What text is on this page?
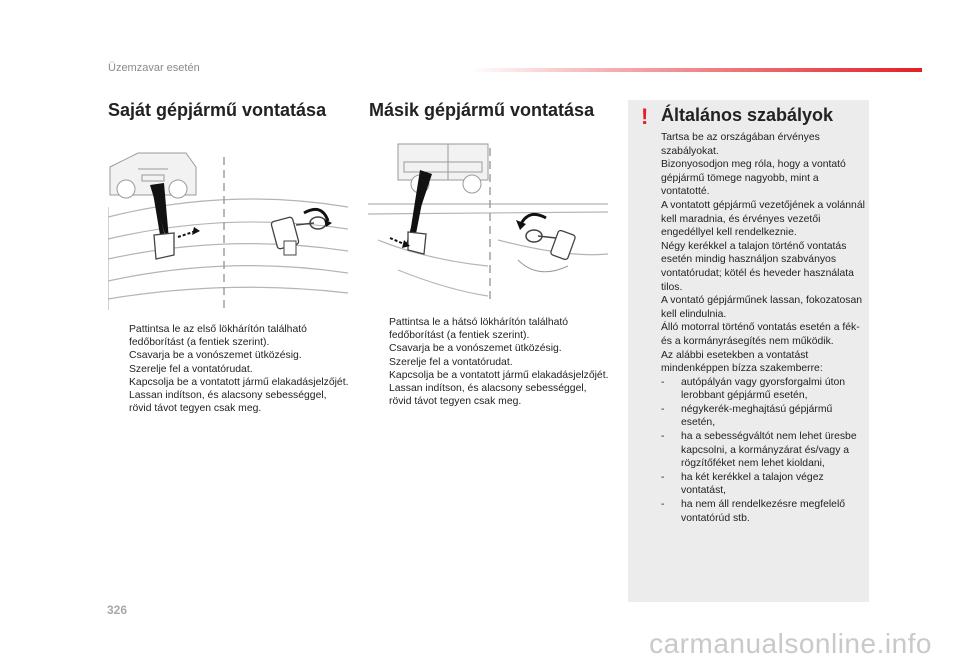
Üzemzavar esetén
Saját gépjármű vontatása
Pattintsa le az első lökhárítón található fedőborítást (a fentiek szerint).
Csavarja be a vonószemet ütközésig.
Szerelje fel a vontatórudat.
Kapcsolja be a vontatott jármű elakadásjelzőjét.
Lassan indítson, és alacsony sebességgel, rövid távot tegyen csak meg.
Másik gépjármű vontatása
Pattintsa le a hátsó lökhárítón található fedőborítást (a fentiek szerint).
Csavarja be a vonószemet ütközésig.
Szerelje fel a vontatórudat.
Kapcsolja be a vontatott jármű elakadásjelzőjét.
Lassan indítson, és alacsony sebességgel, rövid távot tegyen csak meg.
! Általános szabályok

Tartsa be az országában érvényes szabályokat.

Bizonyosodjon meg róla, hogy a vontató gépjármű tömege nagyobb, mint a vontatotté.

A vontatott gépjármű vezetőjének a volánnál kell maradnia, és érvényes vezetői engedéllyel kell rendelkeznie.

Négy kerékkel a talajon történő vontatás esetén mindig használjon szabványos vontatórudat; kötél és heveder használata tilos.

A vontató gépjárműnek lassan, fokozatosan kell elindulnia.

Álló motorral történő vontatás esetén a fék- és a kormányrásegítés nem működik.

Az alábbi esetekben a vontatást mindenképpen bízza szakemberre:

- autópályán vagy gyorsforgalmi úton lerobbant gépjármű esetén,
- négykerék-meghajtású gépjármű esetén,
- ha a sebességváltót nem lehet üresbe kapcsolni, a kormányzárat és/vagy a rögzítőféket nem lehet kioldani,
- ha két kerékkel a talajon végez vontatást,
- ha nem áll rendelkezésre megfelelő vontatórúd stb.
326
carmanualsonline.info
